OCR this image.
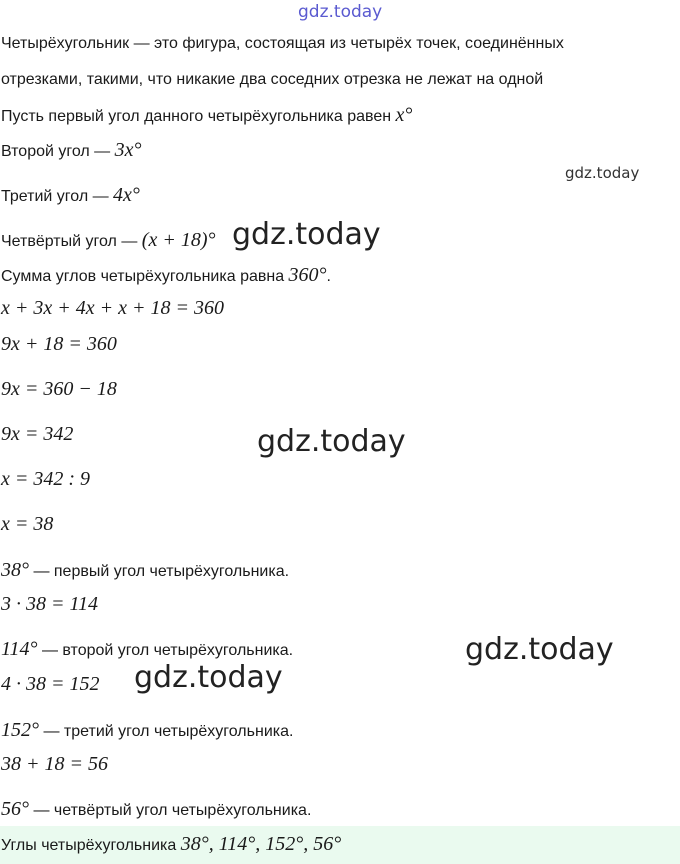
gdz.today
gdz.today
Четырёхугольник — это фигура, состоящая из четырёх точек, соединённых
отрезками, такими, что никакие два соседних отрезка не лежат на одной
Пусть первый угол данного четырёхугольника равен x°
Второй угол — 3x°
Третий угол — 4x°
Четвёртый угол — (x + 18)° gdz.today
Сумма углов четырёхугольника равна 360°.
x + 3x + 4x + x + 18 = 360
9x + 18 = 360
9x = 360 − 18
9x = 342	gdz.today
x = 342 : 9
x = 38
38° — первый угол четырёхугольника.
3 · 38 = 114
114° — второй угол четырёхугольника.	gdz.today
4 · 38 = 152 gdz.today
152° — третий угол четырёхугольника.
38 + 18 = 56
56° — четвёртый угол четырёхугольника.
Углы четырёхугольника 38°, 114°, 152°, 56°
